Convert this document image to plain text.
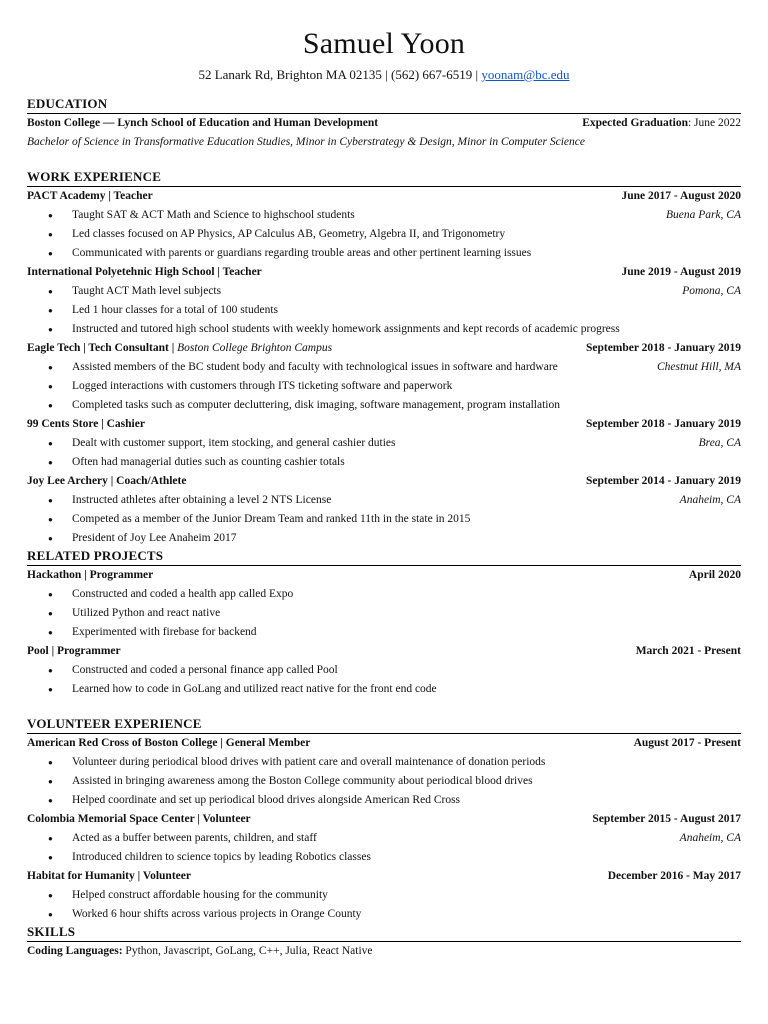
Samuel Yoon
52 Lanark Rd, Brighton MA 02135 | (562) 667-6519 | yoonam@bc.edu
EDUCATION
Boston College — Lynch School of Education and Human Development	Expected Graduation: June 2022
Bachelor of Science in Transformative Education Studies, Minor in Cyberstrategy & Design, Minor in Computer Science
WORK EXPERIENCE
PACT Academy | Teacher	June 2017 - August 2020
● Taught SAT & ACT Math and Science to highschool students	Buena Park, CA
● Led classes focused on AP Physics, AP Calculus AB, Geometry, Algebra II, and Trigonometry
● Communicated with parents or guardians regarding trouble areas and other pertinent learning issues
International Polyetehnic High School | Teacher	June 2019 - August 2019
● Taught ACT Math level subjects	Pomona, CA
● Led 1 hour classes for a total of 100 students
● Instructed and tutored high school students with weekly homework assignments and kept records of academic progress
Eagle Tech | Tech Consultant | Boston College Brighton Campus	September 2018 - January 2019
● Assisted members of the BC student body and faculty with technological issues in software and hardware	Chestnut Hill, MA
● Logged interactions with customers through ITS ticketing software and paperwork
● Completed tasks such as computer decluttering, disk imaging, software management, program installation
99 Cents Store | Cashier	September 2018 - January 2019
● Dealt with customer support, item stocking, and general cashier duties	Brea, CA
● Often had managerial duties such as counting cashier totals
Joy Lee Archery | Coach/Athlete	September 2014 - January 2019
● Instructed athletes after obtaining a level 2 NTS License	Anaheim, CA
● Competed as a member of the Junior Dream Team and ranked 11th in the state in 2015
● President of Joy Lee Anaheim 2017
RELATED PROJECTS
Hackathon | Programmer	April 2020
● Constructed and coded a health app called Expo
● Utilized Python and react native
● Experimented with firebase for backend
Pool | Programmer	March 2021 - Present
● Constructed and coded a personal finance app called Pool
● Learned how to code in GoLang and utilized react native for the front end code
VOLUNTEER EXPERIENCE
American Red Cross of Boston College | General Member	August 2017 - Present
● Volunteer during periodical blood drives with patient care and overall maintenance of donation periods
● Assisted in bringing awareness among the Boston College community about periodical blood drives
● Helped coordinate and set up periodical blood drives alongside American Red Cross
Colombia Memorial Space Center | Volunteer	September 2015 - August 2017
● Acted as a buffer between parents, children, and staff	Anaheim, CA
● Introduced children to science topics by leading Robotics classes
Habitat for Humanity | Volunteer	December 2016 - May 2017
● Helped construct affordable housing for the community
● Worked 6 hour shifts across various projects in Orange County
SKILLS
Coding Languages: Python, Javascript, GoLang, C++, Julia, React Native
